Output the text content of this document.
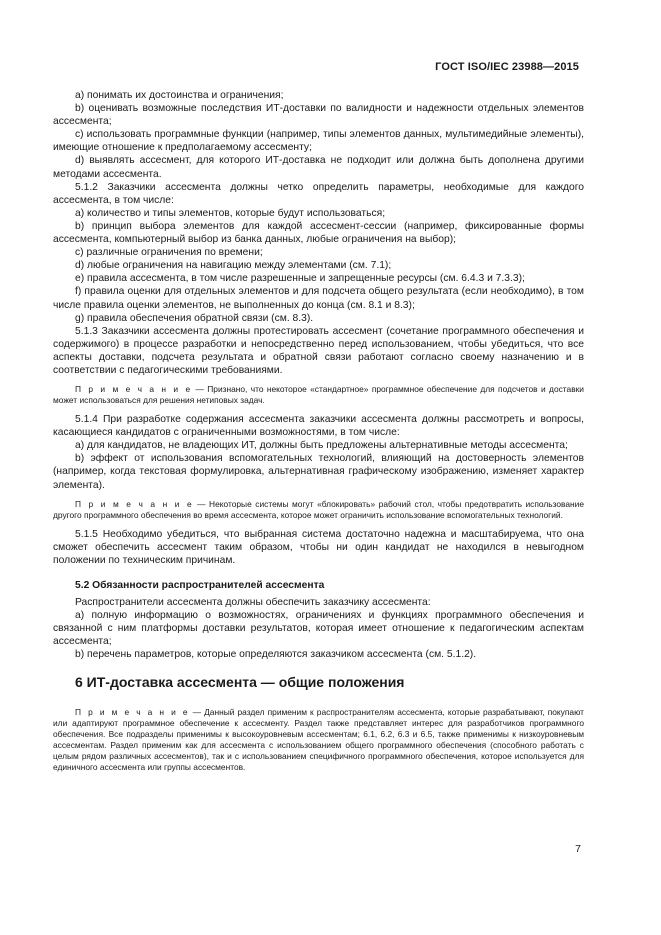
ГОСТ ISO/IEC 23988—2015

a) понимать их достоинства и ограничения;

b) оценивать возможные последствия ИТ-доставки по валидности и надежности отдельных элементов ассесмента;

c) использовать программные функции (например, типы элементов данных, мультимедийные элементы), имеющие отношение к предполагаемому ассесменту;

d) выявлять ассесмент, для которого ИТ-доставка не подходит или должна быть дополнена другими методами ассесмента.

5.1.2 Заказчики ассесмента должны четко определить параметры, необходимые для каждого ассесмента, в том числе:

a) количество и типы элементов, которые будут использоваться;

b) принцип выбора элементов для каждой ассесмент-сессии (например, фиксированные формы ассесмента, компьютерный выбор из банка данных, любые ограничения на выбор);

c) различные ограничения по времени;

d) любые ограничения на навигацию между элементами (см. 7.1);

e) правила ассесмента, в том числе разрешенные и запрещенные ресурсы (см. 6.4.3 и 7.3.3);

f) правила оценки для отдельных элементов и для подсчета общего результата (если необходимо), в том числе правила оценки элементов, не выполненных до конца (см. 8.1 и 8.3);

g) правила обеспечения обратной связи (см. 8.3).

5.1.3 Заказчики ассесмента должны протестировать ассесмент (сочетание программного обеспечения и содержимого) в процессе разработки и непосредственно перед использованием, чтобы убедиться, что все аспекты доставки, подсчета результата и обратной связи работают согласно своему назначению и в соответствии с педагогическими требованиями.

П р и м е ч а н и е — Признано, что некоторое «стандартное» программное обеспечение для подсчетов и доставки может использоваться для решения нетиповых задач.

5.1.4 При разработке содержания ассесмента заказчики ассесмента должны рассмотреть и вопросы, касающиеся кандидатов с ограниченными возможностями, в том числе:

a) для кандидатов, не владеющих ИТ, должны быть предложены альтернативные методы ассесмента;

b) эффект от использования вспомогательных технологий, влияющий на достоверность элементов (например, когда текстовая формулировка, альтернативная графическому изображению, изменяет характер элемента).

П р и м е ч а н и е — Некоторые системы могут «блокировать» рабочий стол, чтобы предотвратить использование другого программного обеспечения во время ассесмента, которое может ограничить использование вспомогательных технологий.

5.1.5 Необходимо убедиться, что выбранная система достаточно надежна и масштабируема, что она сможет обеспечить ассесмент таким образом, чтобы ни один кандидат не находился в невыгодном положении по техническим причинам.

5.2 Обязанности распространителей ассесмента

Распространители ассесмента должны обеспечить заказчику ассесмента:

a) полную информацию о возможностях, ограничениях и функциях программного обеспечения и связанной с ним платформы доставки результатов, которая имеет отношение к педагогическим аспектам ассесмента;

b) перечень параметров, которые определяются заказчиком ассесмента (см. 5.1.2).

6 ИТ-доставка ассесмента — общие положения

П р и м е ч а н и е — Данный раздел применим к распространителям ассесмента, которые разрабатывают, покупают или адаптируют программное обеспечение к ассесменту. Раздел также представляет интерес для разработчиков программного обеспечения. Все подразделы применимы к высокоуровневым ассесментам; 6.1, 6.2, 6.3 и 6.5, также применимы к низкоуровневым ассесментам. Раздел применим как для ассесмента с использованием общего программного обеспечения (способного работать с целым рядом различных ассесментов), так и с использованием специфичного программного обеспечения, которое используется для единичного ассесмента или группы ассесментов.

7
